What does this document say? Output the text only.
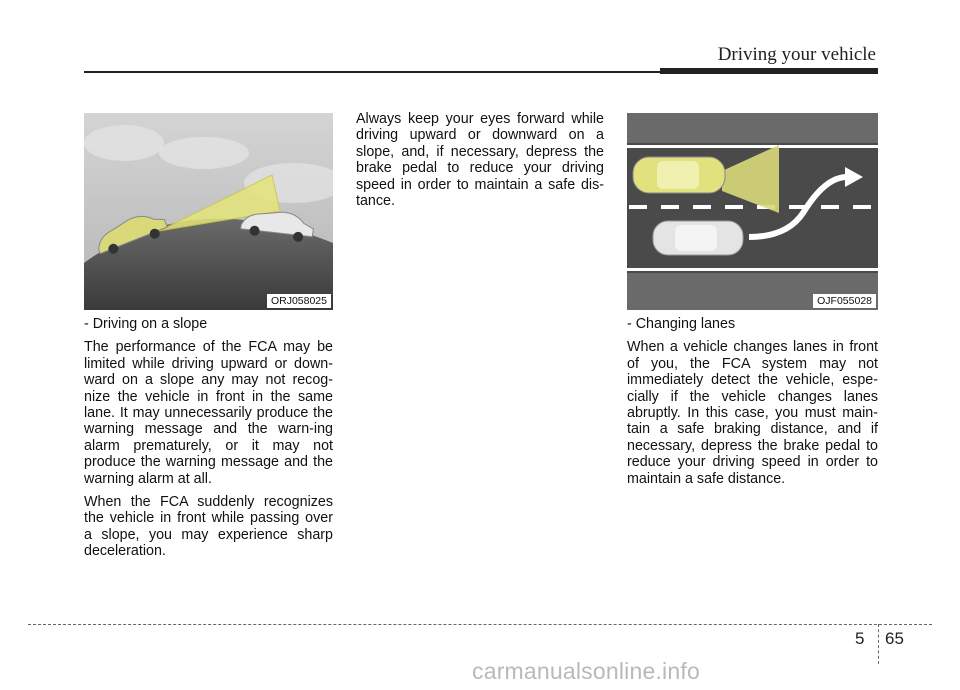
Driving your vehicle
ORJ058025	OJF055028

- Driving on a slope

The performance of the FCA may be limited while driving upward or down-ward on a slope any may not recog-nize the vehicle in front in the same lane. It may unnecessarily produce the warning message and the warn-ing alarm prematurely, or it may not produce the warning message and the warning alarm at all.

When the FCA suddenly recognizes the vehicle in front while passing over a slope, you may experience sharp deceleration.

Always keep your eyes forward while driving upward or downward on a slope, and, if necessary, depress the brake pedal to reduce your driving speed in order to maintain a safe dis-tance.

- Changing lanes

When a vehicle changes lanes in front of you, the FCA system may not immediately detect the vehicle, espe-cially if the vehicle changes lanes abruptly. In this case, you must main-tain a safe braking distance, and if necessary, depress the brake pedal to reduce your driving speed in order to maintain a safe distance.

5 65
carmanualsonline.info
